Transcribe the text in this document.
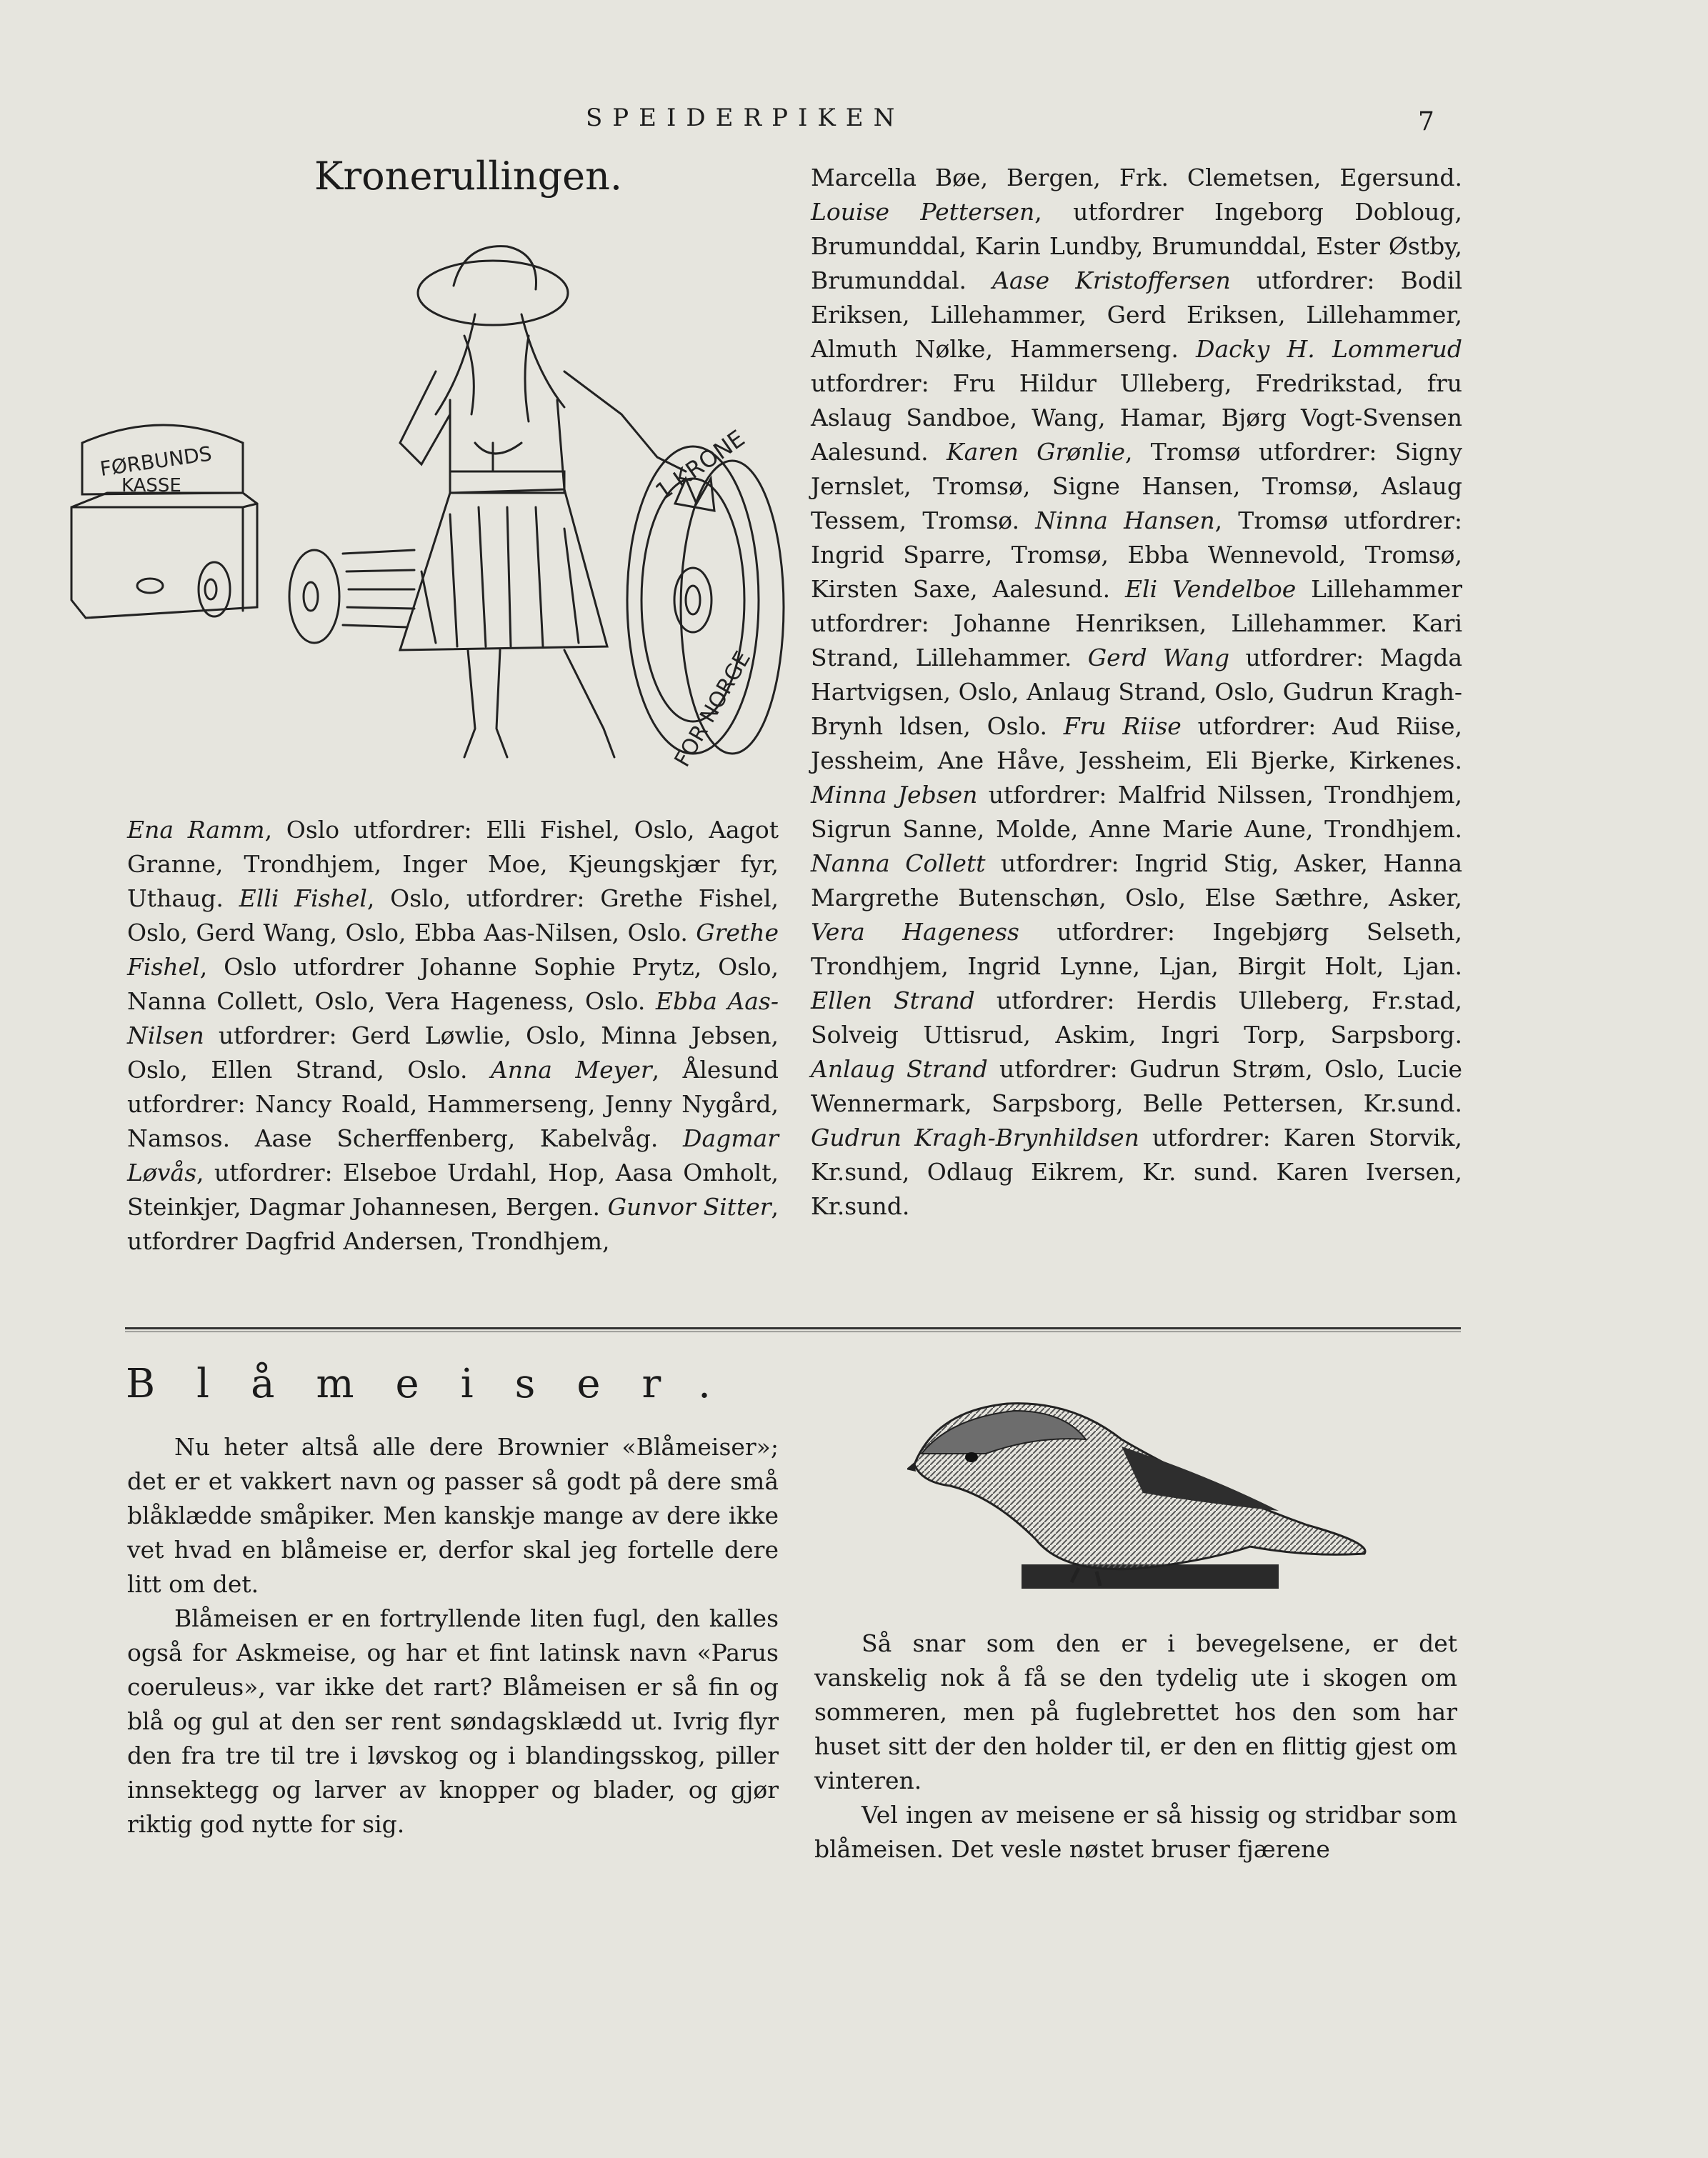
SPEIDERPIKEN	7
Kronerullingen.
FØRBUNDS
KASSE	1 KRONE
FOR NORGE

Ena Ramm, Oslo utfordrer: Elli Fishel, Oslo, Aagot Granne, Trondhjem, Inger Moe, Kjeungskjær fyr, Uthaug. Elli Fishel, Oslo, utfordrer: Grethe Fishel, Oslo, Gerd Wang, Oslo, Ebba Aas-Nilsen, Oslo. Grethe Fishel, Oslo utfordrer Johanne Sophie Prytz, Oslo, Nanna Collett, Oslo, Vera Hageness, Oslo. Ebba Aas-Nilsen utfordrer: Gerd Løwlie, Oslo, Minna Jebsen, Oslo, Ellen Strand, Oslo. Anna Meyer, Ålesund utfordrer: Nancy Roald, Hammerseng, Jenny Nygård, Namsos. Aase Scherffenberg, Kabelvåg. Dagmar Løvås, utfordrer: Elseboe Urdahl, Hop, Aasa Omholt, Steinkjer, Dagmar Johannesen, Bergen. Gunvor Sitter, utfordrer Dagfrid Andersen, Trondhjem,

Marcella Bøe, Bergen, Frk. Clemetsen, Egersund. Louise Pettersen, utfordrer Ingeborg Dobloug, Brumunddal, Karin Lundby, Brumunddal, Ester Østby, Brumunddal. Aase Kristoffersen utfordrer: Bodil Eriksen, Lillehammer, Gerd Eriksen, Lillehammer, Almuth Nølke, Hammerseng. Dacky H. Lommerud utfordrer: Fru Hildur Ulleberg, Fredrikstad, fru Aslaug Sandboe, Wang, Hamar, Bjørg Vogt-Svensen Aalesund. Karen Grønlie, Tromsø utfordrer: Signy Jernslet, Tromsø, Signe Hansen, Tromsø, Aslaug Tessem, Tromsø. Ninna Hansen, Tromsø utfordrer: Ingrid Sparre, Tromsø, Ebba Wennevold, Tromsø, Kirsten Saxe, Aalesund. Eli Vendelboe Lillehammer utfordrer: Johanne Henriksen, Lillehammer. Kari Strand, Lillehammer. Gerd Wang utfordrer: Magda Hartvigsen, Oslo, Anlaug Strand, Oslo, Gudrun Kragh-Brynh ldsen, Oslo. Fru Riise utfordrer: Aud Riise, Jessheim, Ane Håve, Jessheim, Eli Bjerke, Kirkenes. Minna Jebsen utfordrer: Malfrid Nilssen, Trondhjem, Sigrun Sanne, Molde, Anne Marie Aune, Trondhjem. Nanna Collett utfordrer: Ingrid Stig, Asker, Hanna Margrethe Butenschøn, Oslo, Else Sæthre, Asker, Vera Hageness utfordrer: Ingebjørg Selseth, Trondhjem, Ingrid Lynne, Ljan, Birgit Holt, Ljan. Ellen Strand utfordrer: Herdis Ulleberg, Fr.stad, Solveig Uttisrud, Askim, Ingri Torp, Sarpsborg. Anlaug Strand utfordrer: Gudrun Strøm, Oslo, Lucie Wennermark, Sarpsborg, Belle Pettersen, Kr.sund. Gudrun Kragh-Brynhildsen utfordrer: Karen Storvik, Kr.sund, Odlaug Eikrem, Kr. sund. Karen Iversen, Kr.sund.

Blåmeiser.

Nu heter altså alle dere Brownier «Blåmeiser»; det er et vakkert navn og passer så godt på dere små blåklædde småpiker. Men kanskje mange av dere ikke vet hvad en blåmeise er, derfor skal jeg fortelle dere litt om det.

Blåmeisen er en fortryllende liten fugl, den kalles også for Askmeise, og har et fint latinsk navn «Parus coeruleus», var ikke det rart? Blåmeisen er så fin og blå og gul at den ser rent søndagsklædd ut. Ivrig flyr den fra tre til tre i løvskog og i blandingsskog, piller innsektegg og larver av knopper og blader, og gjør riktig god nytte for sig.

Så snar som den er i bevegelsene, er det vanskelig nok å få se den tydelig ute i skogen om sommeren, men på fuglebrettet hos den som har huset sitt der den holder til, er den en flittig gjest om vinteren.

Vel ingen av meisene er så hissig og stridbar som blåmeisen. Det vesle nøstet bruser fjærene
